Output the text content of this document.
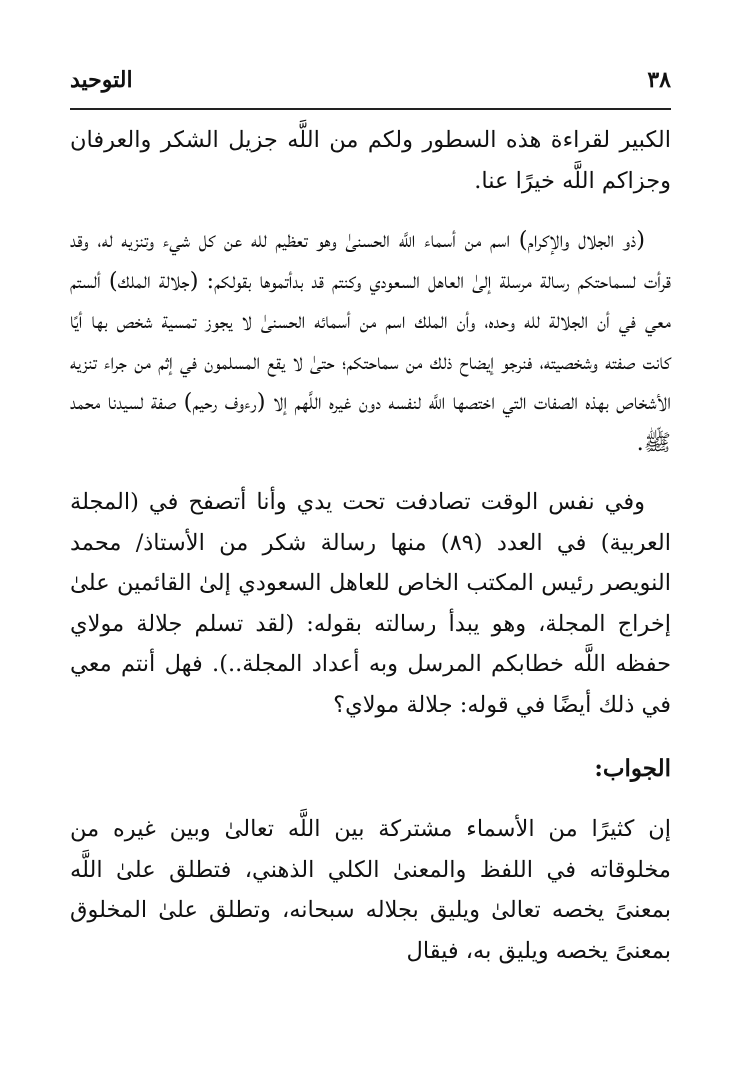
٣٨
التوحيد

الكبير لقراءة هذه السطور ولكم من اللَّه جزيل الشكر والعرفان وجزاكم اللَّه خيرًا عنا.

(ذو الجلال والإكرام) اسم من أسماء اللَّه الحسنىٰ وهو تعظيم لله عن كل شيء وتنزيه له، وقد قرأت لسماحتكم رسالة مرسلة إلىٰ العاهل السعودي وكنتم قد بدأتموها بقولكم: (جلالة الملك) ألستم معي في أن الجلالة لله وحده، وأن الملك اسم من أسمائه الحسنىٰ لا يجوز تمسية شخص بها أيًا كانت صفته وشخصيته، فنرجو إيضاح ذلك من سماحتكم؛ حتىٰ لا يقع المسلمون في إثم من جراء تنزيه الأشخاص بهذه الصفات التي اختصها اللَّه لنفسه دون غيره اللَّهم إلا (رءوف رحيم) صفة لسيدنا محمد ﷺ.

وفي نفس الوقت تصادفت تحت يدي وأنا أتصفح في (المجلة العربية) في العدد (٨٩) منها رسالة شكر من الأستاذ/ محمد النويصر رئيس المكتب الخاص للعاهل السعودي إلىٰ القائمين علىٰ إخراج المجلة، وهو يبدأ رسالته بقوله: (لقد تسلم جلالة مولاي حفظه اللَّه خطابكم المرسل وبه أعداد المجلة..). فهل أنتم معي في ذلك أيضًا في قوله: جلالة مولاي؟

الجواب:

إن كثيرًا من الأسماء مشتركة بين اللَّه تعالىٰ وبين غيره من مخلوقاته في اللفظ والمعنىٰ الكلي الذهني، فتطلق علىٰ اللَّه بمعنىً يخصه تعالىٰ ويليق بجلاله سبحانه، وتطلق علىٰ المخلوق بمعنىً يخصه ويليق به، فيقال
